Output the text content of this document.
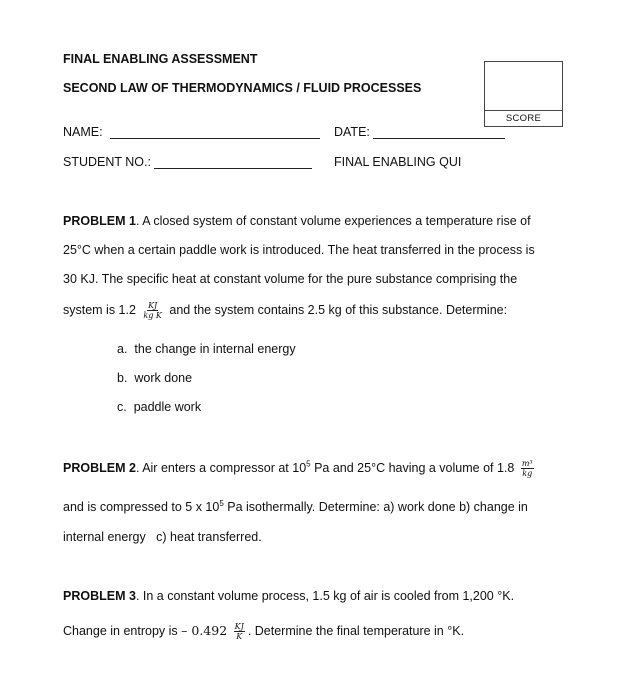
FINAL ENABLING ASSESSMENT
SECOND LAW OF THERMODYNAMICS / FLUID PROCESSES
SCORE
NAME:	DATE:
STUDENT NO.:	FINAL ENABLING QUI
PROBLEM 1. A closed system of constant volume experiences a temperature rise of
25°C when a certain paddle work is introduced. The heat transferred in the process is
30 KJ. The specific heat at constant volume for the pure substance comprising the
system is $1.2 \frac{KJ}{\text{kg K}}$ and the system contains 2.5 kg of this substance. Determine:
a. the change in internal energy
b. work done
c. paddle work
PROBLEM 2. Air enters a compressor at $10^5$ Pa and 25°C having a volume of $1.8 \frac{\text{m³}}{kg}$
and is compressed to 5 x $10^5$ Pa isothermally. Determine: a) work done b) change in
internal energy   c) heat transferred.
PROBLEM 3. In a constant volume process, 1.5 kg of air is cooled from 1,200 °K.
Change in entropy is – $0.492 \frac{KJ}{K}$ . Determine the final temperature in °K.
